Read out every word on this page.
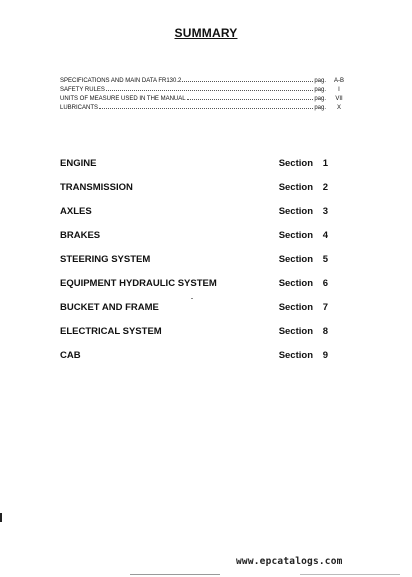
SUMMARY
SPECIFICATIONS AND MAIN DATA FR130.2	pag.	A-B
SAFETY RULES	pag.	I
UNITS OF MEASURE USED IN THE MANUAL	pag.	VII
LUBRICANTS	pag.	X
ENGINE	Section 1
TRANSMISSION	Section 2
AXLES	Section 3
BRAKES	Section 4
STEERING SYSTEM	Section 5
EQUIPMENT HYDRAULIC SYSTEM	Section 6
BUCKET AND FRAME	Section 7
ELECTRICAL SYSTEM	Section 8
CAB	Section 9
www.epcatalogs.com
